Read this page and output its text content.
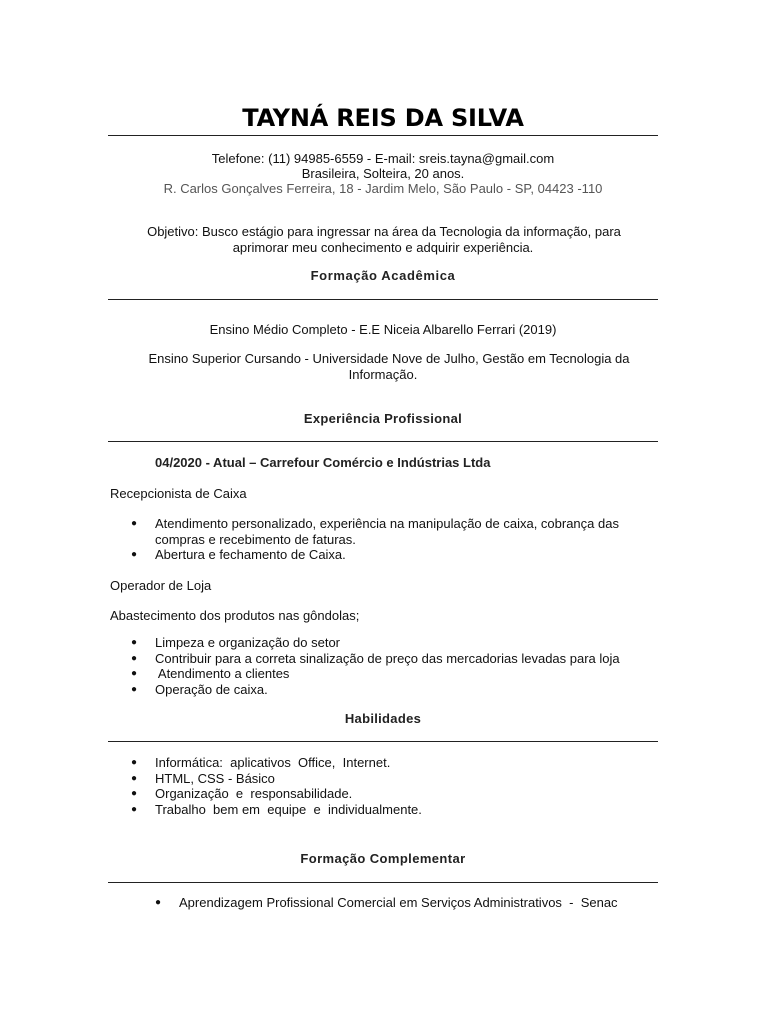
TAYNÁ REIS DA SILVA
Telefone: (11) 94985-6559 - E-mail: sreis.tayna@gmail.com
Brasileira, Solteira, 20 anos.
R. Carlos Gonçalves Ferreira, 18 - Jardim Melo, São Paulo - SP, 04423 -110
Objetivo: Busco estágio para ingressar na área da Tecnologia da informação, para
aprimorar meu conhecimento e adquirir experiência.
Formação Acadêmica
Ensino Médio Completo - E.E Niceia Albarello Ferrari (2019)
Ensino Superior Cursando - Universidade Nove de Julho, Gestão em Tecnologia da
Informação.
Experiência Profissional
04/2020 - Atual – Carrefour Comércio e Indústrias Ltda
Recepcionista de Caixa
●	Atendimento personalizado, experiência na manipulação de caixa, cobrança das
compras e recebimento de faturas.
●	Abertura e fechamento de Caixa.
Operador de Loja
Abastecimento dos produtos nas gôndolas;
●	Limpeza e organização do setor
●	Contribuir para a correta sinalização de preço das mercadorias levadas para loja
●	Atendimento a clientes
●	Operação de caixa.
Habilidades
●	Informática:  aplicativos  Office,  Internet.
●	HTML, CSS - Básico
●	Organização  e  responsabilidade.
●	Trabalho  bem em  equipe  e  individualmente.
Formação Complementar
●	Aprendizagem Profissional Comercial em Serviços Administrativos  -  Senac
